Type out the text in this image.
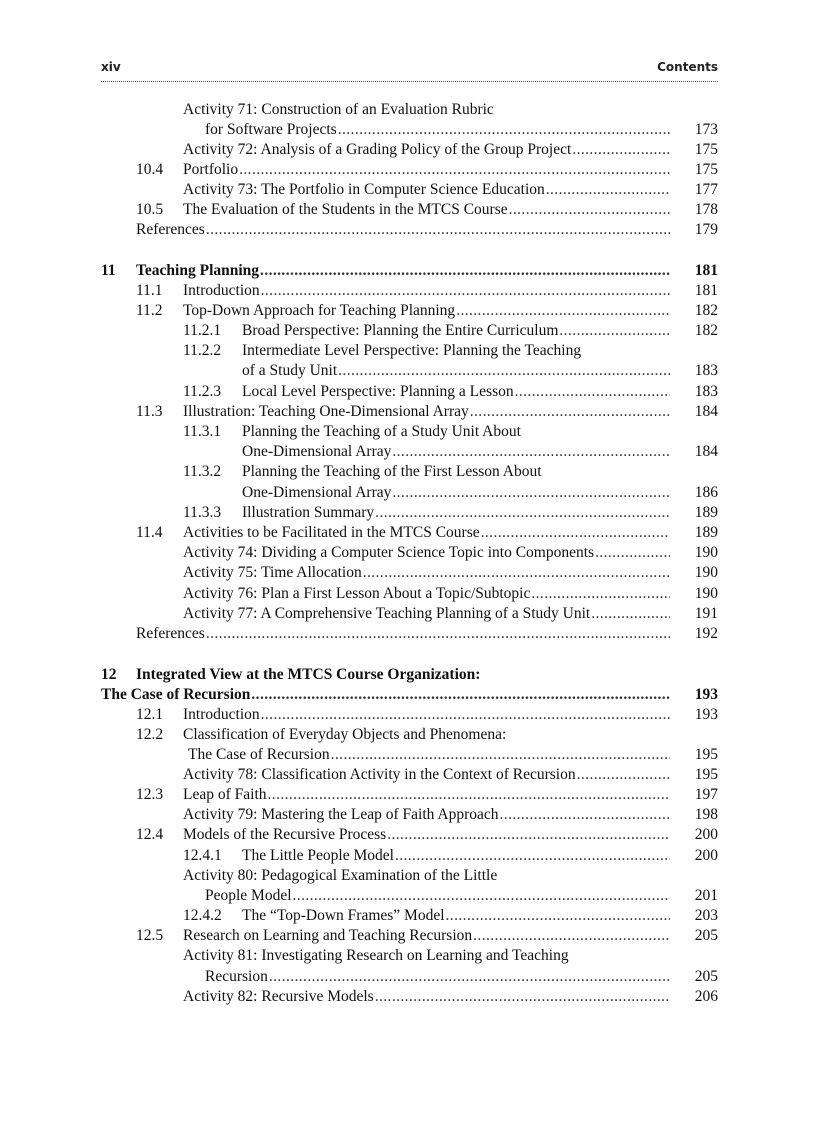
xiv	Contents
Activity 71: Construction of an Evaluation Rubric
for Software Projects .....	173
Activity 72: Analysis of a Grading Policy of the Group Project .....	175
10.4 Portfolio .....	175
Activity 73: The Portfolio in Computer Science Education .....	177
10.5 The Evaluation of the Students in the MTCS Course .....	178
References .....	179
11 Teaching Planning .....	181
11.1 Introduction .....	181
11.2 Top-Down Approach for Teaching Planning .....	182
11.2.1 Broad Perspective: Planning the Entire Curriculum .....	182
11.2.2 Intermediate Level Perspective: Planning the Teaching
of a Study Unit .....	183
11.2.3 Local Level Perspective: Planning a Lesson .....	183
11.3 Illustration: Teaching One-Dimensional Array .....	184
11.3.1 Planning the Teaching of a Study Unit About
One-Dimensional Array .....	184
11.3.2 Planning the Teaching of the First Lesson About
One-Dimensional Array .....	186
11.3.3 Illustration Summary .....	189
11.4 Activities to be Facilitated in the MTCS Course .....	189
Activity 74: Dividing a Computer Science Topic into Components .....	190
Activity 75: Time Allocation .....	190
Activity 76: Plan a First Lesson About a Topic/Subtopic .....	190
Activity 77: A Comprehensive Teaching Planning of a Study Unit .....	191
References .....	192
12 Integrated View at the MTCS Course Organization:
The Case of Recursion .....	193
12.1 Introduction .....	193
12.2 Classification of Everyday Objects and Phenomena:
The Case of Recursion .....	195
Activity 78: Classification Activity in the Context of Recursion .....	195
12.3 Leap of Faith .....	197
Activity 79: Mastering the Leap of Faith Approach .....	198
12.4 Models of the Recursive Process .....	200
12.4.1 The Little People Model .....	200
Activity 80: Pedagogical Examination of the Little
People Model .....	201
12.4.2 The “Top-Down Frames” Model .....	203
12.5 Research on Learning and Teaching Recursion .....	205
Activity 81: Investigating Research on Learning and Teaching
Recursion .....	205
Activity 82: Recursive Models .....	206
